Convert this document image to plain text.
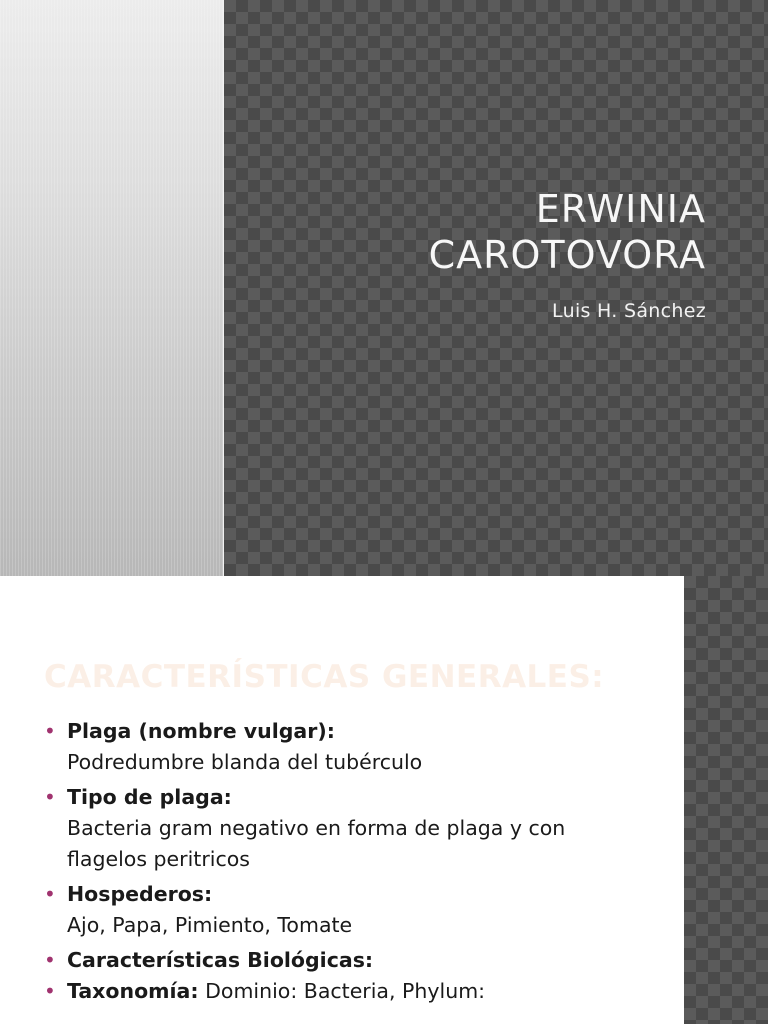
ERWINIA
CAROTOVORA

Luis H. Sánchez

CARACTERÍSTICAS GENERALES:
• Plaga (nombre vulgar):
Podredumbre blanda del tubérculo
• Tipo de plaga:
Bacteria gram negativo en forma de plaga y con flagelos peritricos
• Hospederos:
Ajo, Papa, Pimiento, Tomate
• Características Biológicas:
• Taxonomía: Dominio: Bacteria, Phylum:
